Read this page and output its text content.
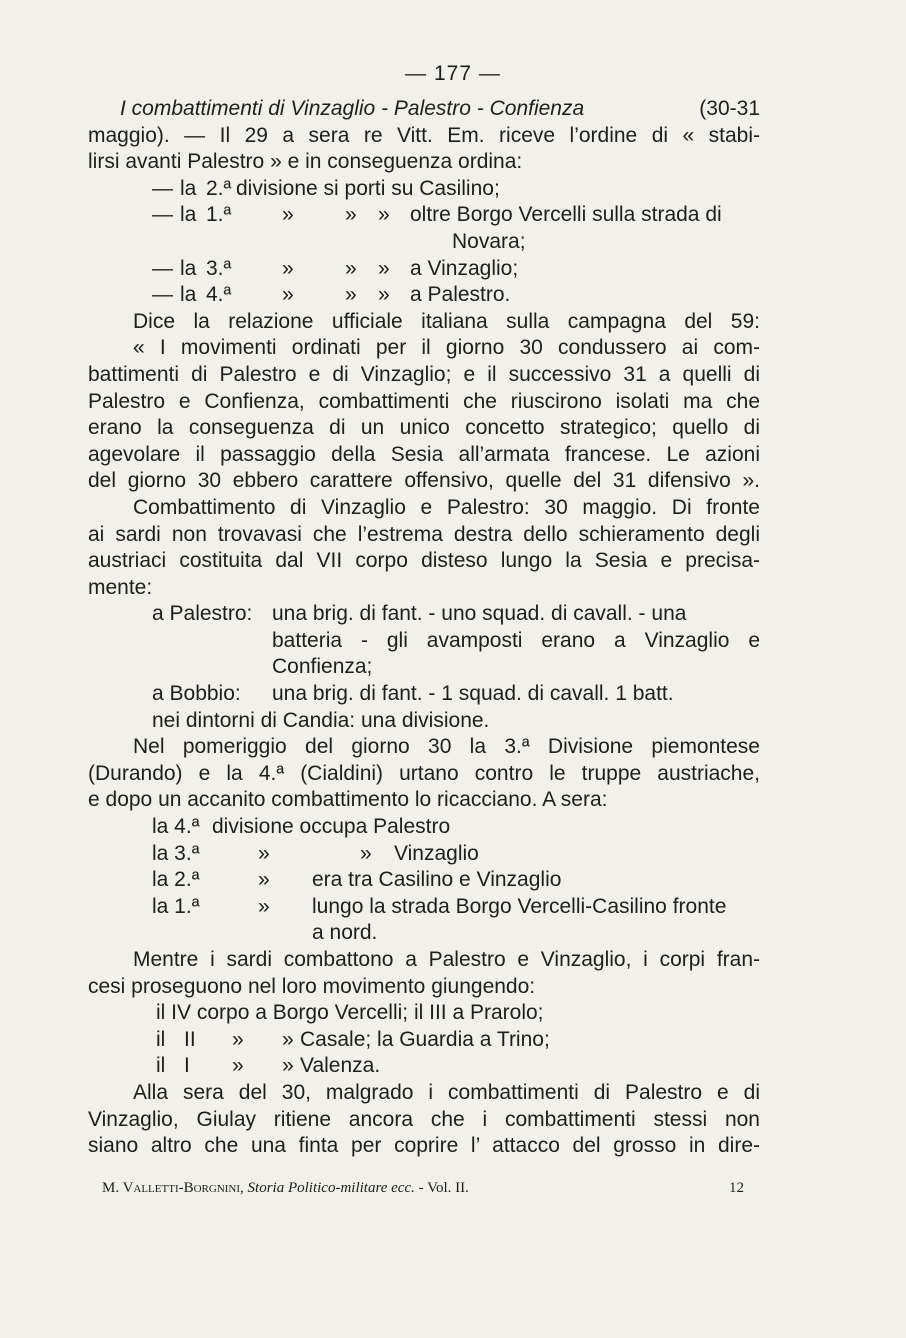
— 177 —
I combattimenti di Vinzaglio - Palestro - Confienza	(30-31
maggio). — Il 29 a sera re Vitt. Em. riceve l’ordine di « stabi-
lirsi avanti Palestro » e in conseguenza ordina:
— la 2.ª divisione si porti su Casilino;
— la 1.ª » » » oltre Borgo Vercelli sulla strada di
Novara;
— la 3.ª » » » a Vinzaglio;
— la 4.ª » » » a Palestro.
Dice la relazione ufficiale italiana sulla campagna del 59:
« I movimenti ordinati per il giorno 30 condussero ai com-
battimenti di Palestro e di Vinzaglio; e il successivo 31 a quelli di
Palestro e Confienza, combattimenti che riuscirono isolati ma che
erano la conseguenza di un unico concetto strategico; quello di
agevolare il passaggio della Sesia all’armata francese. Le azioni
del giorno 30 ebbero carattere offensivo, quelle del 31 difensivo ».
Combattimento di Vinzaglio e Palestro: 30 maggio. Di fronte
ai sardi non trovavasi che l’estrema destra dello schieramento degli
austriaci costituita dal VII corpo disteso lungo la Sesia e precisa-
mente:
a Palestro: una brig. di fant. - uno squad. di cavall. - una
batteria - gli avamposti erano a Vinzaglio e
Confienza;
a Bobbio: una brig. di fant. - 1 squad. di cavall. 1 batt.
nei dintorni di Candia: una divisione.
Nel pomeriggio del giorno 30 la 3.ª Divisione piemontese
(Durando) e la 4.ª (Cialdini) urtano contro le truppe austriache,
e dopo un accanito combattimento lo ricacciano. A sera:
la 4.ª divisione occupa Palestro
la 3.ª	»	» Vinzaglio
la 2.ª	» era tra Casilino e Vinzaglio
la 1.ª	» lungo la strada Borgo Vercelli-Casilino fronte
a nord.
Mentre i sardi combattono a Palestro e Vinzaglio, i corpi fran-
cesi proseguono nel loro movimento giungendo:
il IV corpo a Borgo Vercelli; il III a Prarolo;
il II » » Casale; la Guardia a Trino;
il I » » Valenza.
Alla sera del 30, malgrado i combattimenti di Palestro e di
Vinzaglio, Giulay ritiene ancora che i combattimenti stessi non
siano altro che una finta per coprire l’ attacco del grosso in dire-
M. Valletti-Borgnini, Storia Politico-militare ecc. - Vol. II.	12
